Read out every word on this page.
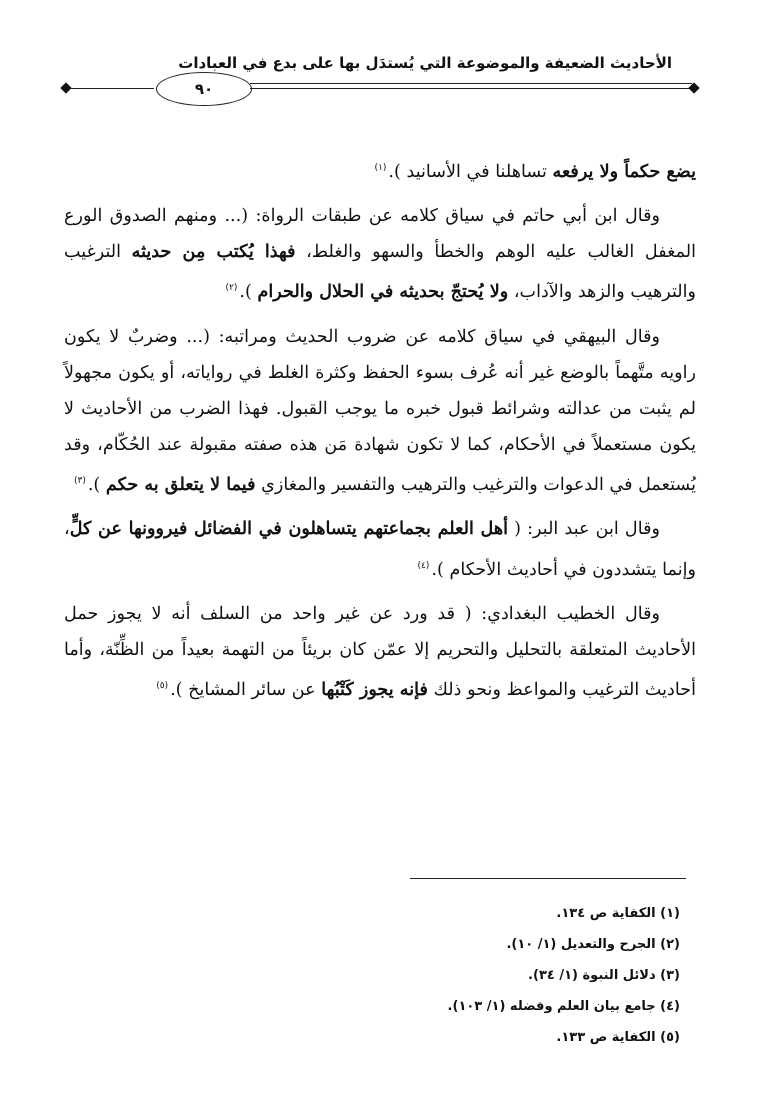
الأحاديث الضعيفة والموضوعة التي يُستدَل بها على بدع في العبادات
٩٠

يضع حكماً ولا يرفعه تساهلنا في الأسانيد ).$^{(١)}$

وقال ابن أبي حاتم في سياق كلامه عن طبقات الرواة: (... ومنهم الصدوق الورع المغفل الغالب عليه الوهم والخطأ والسهو والغلط، فهذا يُكتب مِن حديثه الترغيب والترهيب والزهد والآداب، ولا يُحتجّ بحديثه في الحلال والحرام ).$^{(٢)}$

وقال البيهقي في سياق كلامه عن ضروب الحديث ومراتبه: (... وضربٌ لا يكون راويه متَّهماً بالوضع غير أنه عُرف بسوء الحفظ وكثرة الغلط في رواياته، أو يكون مجهولاً لم يثبت من عدالته وشرائط قبول خبره ما يوجب القبول. فهذا الضرب من الأحاديث لا يكون مستعملاً في الأحكام، كما لا تكون شهادة مَن هذه صفته مقبولة عند الحُكّام، وقد يُستعمل في الدعوات والترغيب والترهيب والتفسير والمغازي فيما لا يتعلق به حكم ).$^{(٣)}$

وقال ابن عبد البر: ( أهل العلم بجماعتهم يتساهلون في الفضائل فيروونها عن كلٍّ، وإنما يتشددون في أحاديث الأحكام ).$^{(٤)}$

وقال الخطيب البغدادي: ( قد ورد عن غير واحد من السلف أنه لا يجوز حمل الأحاديث المتعلقة بالتحليل والتحريم إلا عمّن كان بريئاً من التهمة بعيداً من الظِّنّة، وأما أحاديث الترغيب والمواعظ ونحو ذلك فإنه يجوز كَتْبُها عن سائر المشايخ ).$^{(٥)}$

(١) الكفاية ص ١٣٤.
(٢) الجرح والتعديل (١/ ١٠).
(٣) دلائل النبوة (١/ ٣٤).
(٤) جامع بيان العلم وفضله (١/ ١٠٣).
(٥) الكفاية ص ١٣٣.
